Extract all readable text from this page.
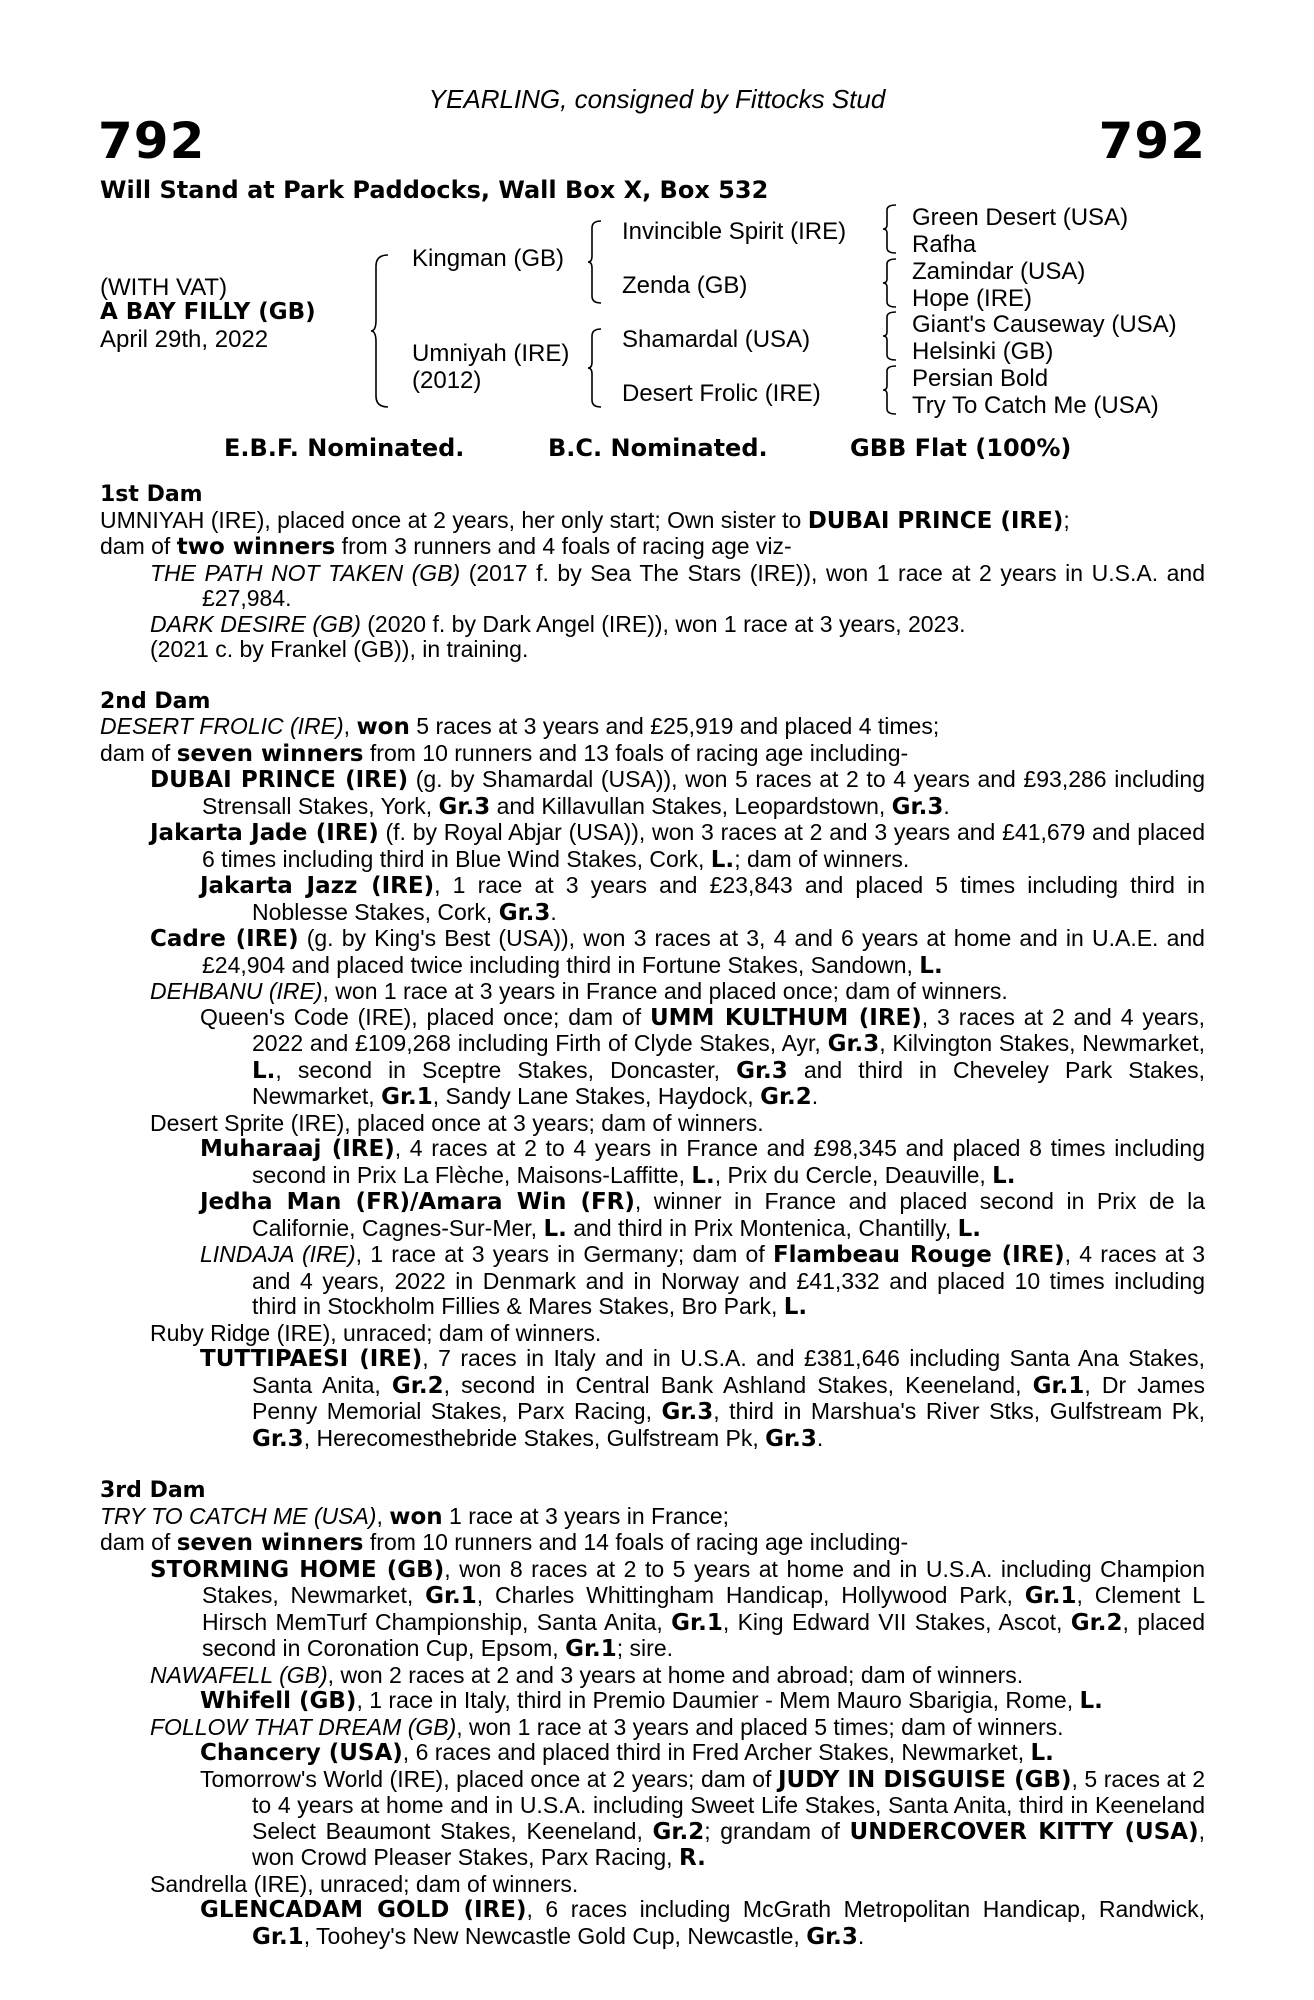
YEARLING, consigned by Fittocks Stud
792	792
Will Stand at Park Paddocks, Wall Box X, Box 532
(WITH VAT)
A BAY FILLY (GB)
April 29th, 2022
Kingman (GB)
Umniyah (IRE)
(2012)
Invincible Spirit (IRE)
Zenda (GB)
Shamardal (USA)
Desert Frolic (IRE)
Green Desert (USA)
Rafha
Zamindar (USA)
Hope (IRE)
Giant's Causeway (USA)
Helsinki (GB)
Persian Bold
Try To Catch Me (USA)
E.B.F. Nominated.	B.C. Nominated.	GBB Flat (100%)
1st Dam
UMNIYAH (IRE), placed once at 2 years, her only start; Own sister to DUBAI PRINCE (IRE);
dam of two winners from 3 runners and 4 foals of racing age viz-
THE PATH NOT TAKEN (GB) (2017 f. by Sea The Stars (IRE)), won 1 race at 2 years in U.S.A. and £27,984.
DARK DESIRE (GB) (2020 f. by Dark Angel (IRE)), won 1 race at 3 years, 2023.
(2021 c. by Frankel (GB)), in training.
2nd Dam
DESERT FROLIC (IRE), won 5 races at 3 years and £25,919 and placed 4 times;
dam of seven winners from 10 runners and 13 foals of racing age including-
DUBAI PRINCE (IRE) (g. by Shamardal (USA)), won 5 races at 2 to 4 years and £93,286 including Strensall Stakes, York, Gr.3 and Killavullan Stakes, Leopardstown, Gr.3.
Jakarta Jade (IRE) (f. by Royal Abjar (USA)), won 3 races at 2 and 3 years and £41,679 and placed 6 times including third in Blue Wind Stakes, Cork, L.; dam of winners.
Jakarta Jazz (IRE), 1 race at 3 years and £23,843 and placed 5 times including third in Noblesse Stakes, Cork, Gr.3.
Cadre (IRE) (g. by King's Best (USA)), won 3 races at 3, 4 and 6 years at home and in U.A.E. and £24,904 and placed twice including third in Fortune Stakes, Sandown, L.
DEHBANU (IRE), won 1 race at 3 years in France and placed once; dam of winners.
Queen's Code (IRE), placed once; dam of UMM KULTHUM (IRE), 3 races at 2 and 4 years, 2022 and £109,268 including Firth of Clyde Stakes, Ayr, Gr.3, Kilvington Stakes, Newmarket, L., second in Sceptre Stakes, Doncaster, Gr.3 and third in Cheveley Park Stakes, Newmarket, Gr.1, Sandy Lane Stakes, Haydock, Gr.2.
Desert Sprite (IRE), placed once at 3 years; dam of winners.
Muharaaj (IRE), 4 races at 2 to 4 years in France and £98,345 and placed 8 times including second in Prix La Flèche, Maisons-Laffitte, L., Prix du Cercle, Deauville, L.
Jedha Man (FR)/Amara Win (FR), winner in France and placed second in Prix de la Californie, Cagnes-Sur-Mer, L. and third in Prix Montenica, Chantilly, L.
LINDAJA (IRE), 1 race at 3 years in Germany; dam of Flambeau Rouge (IRE), 4 races at 3 and 4 years, 2022 in Denmark and in Norway and £41,332 and placed 10 times including third in Stockholm Fillies & Mares Stakes, Bro Park, L.
Ruby Ridge (IRE), unraced; dam of winners.
TUTTIPAESI (IRE), 7 races in Italy and in U.S.A. and £381,646 including Santa Ana Stakes, Santa Anita, Gr.2, second in Central Bank Ashland Stakes, Keeneland, Gr.1, Dr James Penny Memorial Stakes, Parx Racing, Gr.3, third in Marshua's River Stks, Gulfstream Pk, Gr.3, Herecomesthebride Stakes, Gulfstream Pk, Gr.3.
3rd Dam
TRY TO CATCH ME (USA), won 1 race at 3 years in France;
dam of seven winners from 10 runners and 14 foals of racing age including-
STORMING HOME (GB), won 8 races at 2 to 5 years at home and in U.S.A. including Champion Stakes, Newmarket, Gr.1, Charles Whittingham Handicap, Hollywood Park, Gr.1, Clement L Hirsch MemTurf Championship, Santa Anita, Gr.1, King Edward VII Stakes, Ascot, Gr.2, placed second in Coronation Cup, Epsom, Gr.1; sire.
NAWAFELL (GB), won 2 races at 2 and 3 years at home and abroad; dam of winners.
Whifell (GB), 1 race in Italy, third in Premio Daumier - Mem Mauro Sbarigia, Rome, L.
FOLLOW THAT DREAM (GB), won 1 race at 3 years and placed 5 times; dam of winners.
Chancery (USA), 6 races and placed third in Fred Archer Stakes, Newmarket, L.
Tomorrow's World (IRE), placed once at 2 years; dam of JUDY IN DISGUISE (GB), 5 races at 2 to 4 years at home and in U.S.A. including Sweet Life Stakes, Santa Anita, third in Keeneland Select Beaumont Stakes, Keeneland, Gr.2; grandam of UNDERCOVER KITTY (USA), won Crowd Pleaser Stakes, Parx Racing, R.
Sandrella (IRE), unraced; dam of winners.
GLENCADAM GOLD (IRE), 6 races including McGrath Metropolitan Handicap, Randwick, Gr.1, Toohey's New Newcastle Gold Cup, Newcastle, Gr.3.
